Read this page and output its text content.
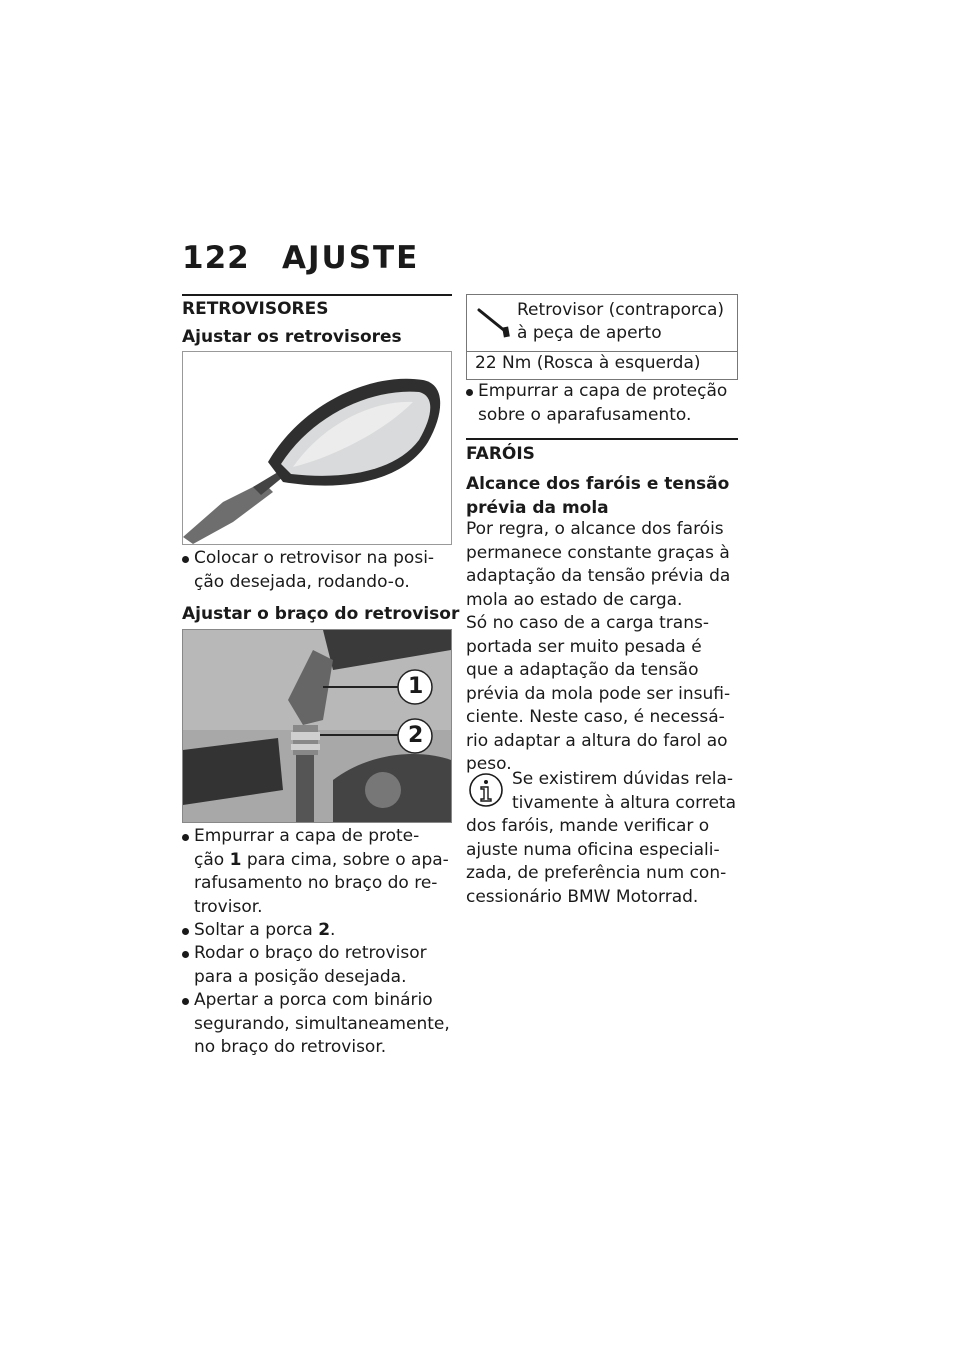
122 AJUSTE
RETROVISORES
Ajustar os retrovisores
Colocar o retrovisor na posi-
ção desejada, rodando-o.
Ajustar o braço do retrovisor
1
2
Empurrar a capa de prote-
ção 1 para cima, sobre o apa-
rafusamento no braço do re-
trovisor.
Soltar a porca 2.
Rodar o braço do retrovisor
para a posição desejada.
Apertar a porca com binário
segurando, simultaneamente,
no braço do retrovisor.
Retrovisor (contraporca)
à peça de aperto
22 Nm (Rosca à esquerda)
Empurrar a capa de proteção
sobre o aparafusamento.
FARÓIS
Alcance dos faróis e tensão
prévia da mola
Por regra, o alcance dos faróis
permanece constante graças à
adaptação da tensão prévia da
mola ao estado de carga.
Só no caso de a carga trans-
portada ser muito pesada é
que a adaptação da tensão
prévia da mola pode ser insufi-
ciente. Neste caso, é necessá-
rio adaptar a altura do farol ao
peso.
Se existirem dúvidas rela-
tivamente à altura correta
dos faróis, mande verificar o
ajuste numa oficina especiali-
zada, de preferência num con-
cessionário BMW Motorrad.
